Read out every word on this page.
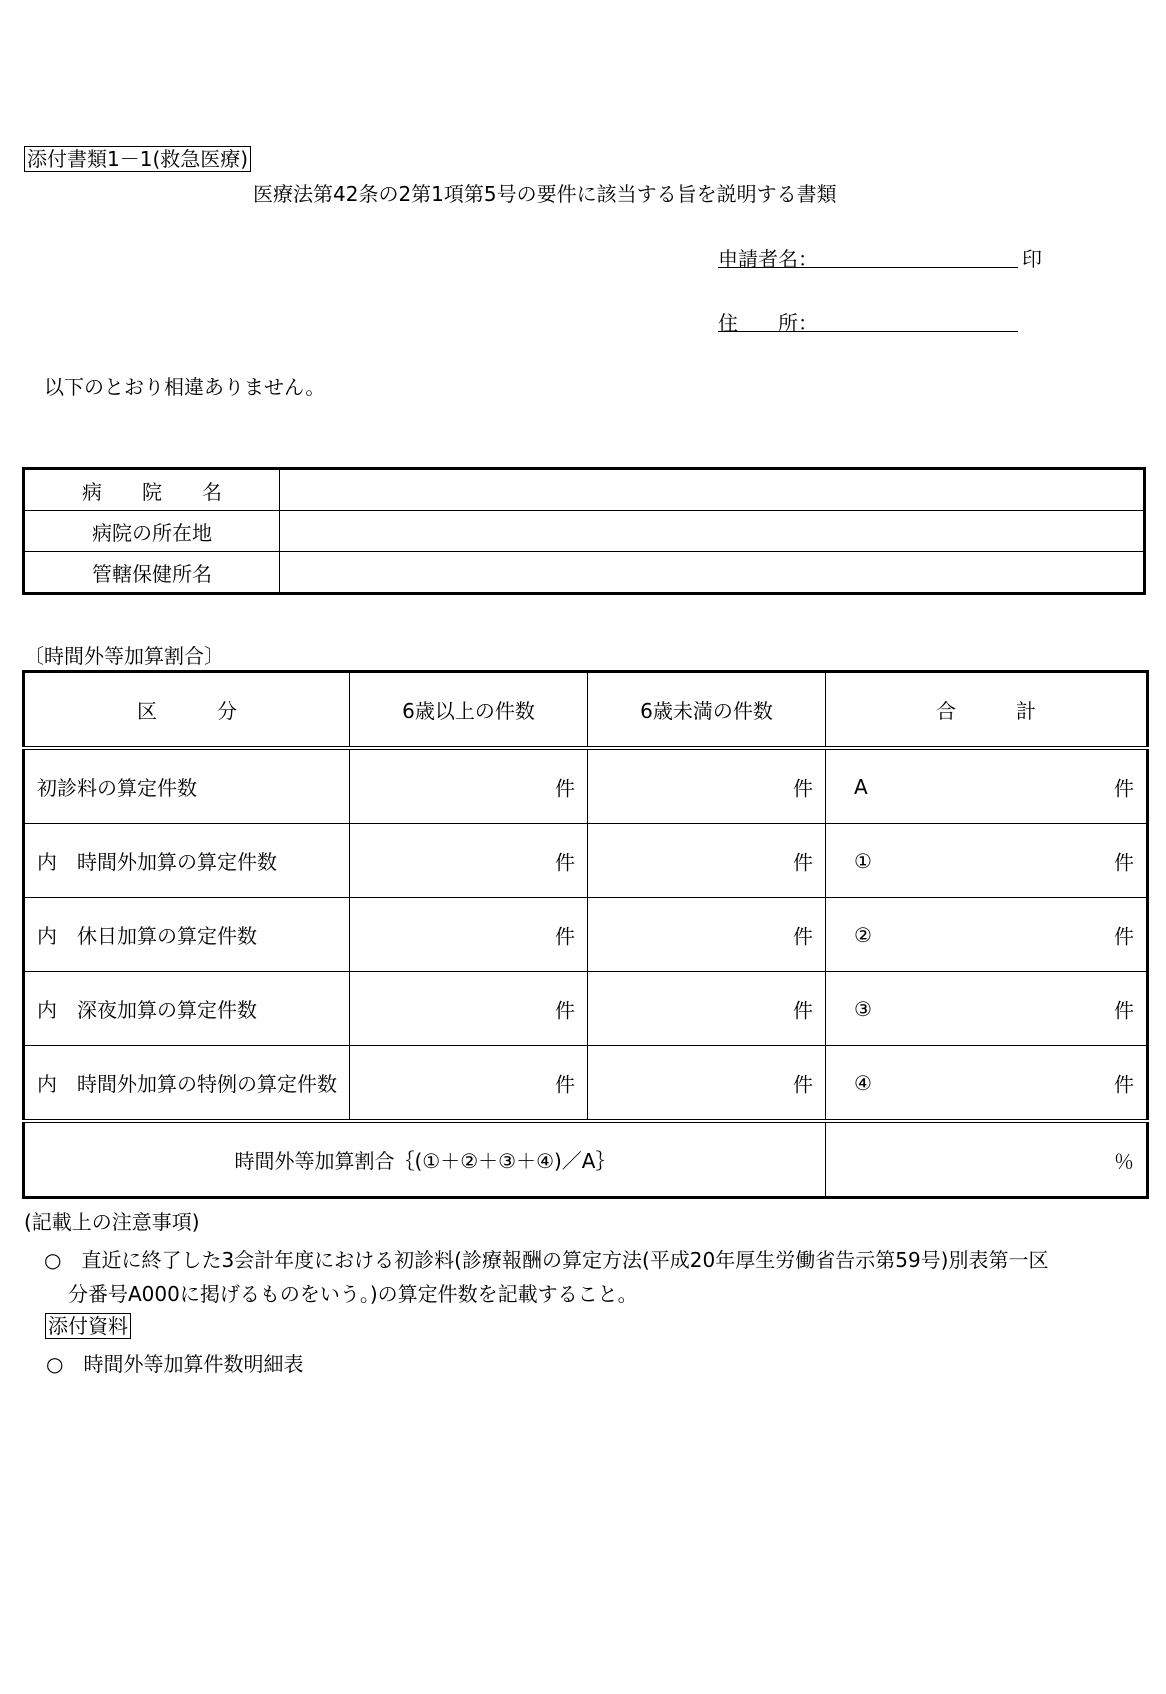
添付書類1－1(救急医療)
医療法第42条の2第1項第5号の要件に該当する旨を説明する書類
申請者名：	印
住　　所：
以下のとおり相違ありません。
病　　院　　名	
病院の所在地	
管轄保健所名	
〔時間外等加算割合〕
区　　　分	6歳以上の件数	6歳未満の件数	合　　　計
初診料の算定件数	件	件	A 件

内　時間外加算の算定件数	件	件	① 件

内　休日加算の算定件数	件	件	② 件

内　深夜加算の算定件数	件	件	③ 件

内　時間外加算の特例の算定件数	件	件	④ 件

時間外等加算割合｛(①＋②＋③＋④)／A｝			％
(記載上の注意事項)
○　直近に終了した3会計年度における初診料(診療報酬の算定方法(平成20年厚生労働省告示第59号)別表第一区
分番号A000に掲げるものをいう。)の算定件数を記載すること。
添付資料
○　時間外等加算件数明細表
